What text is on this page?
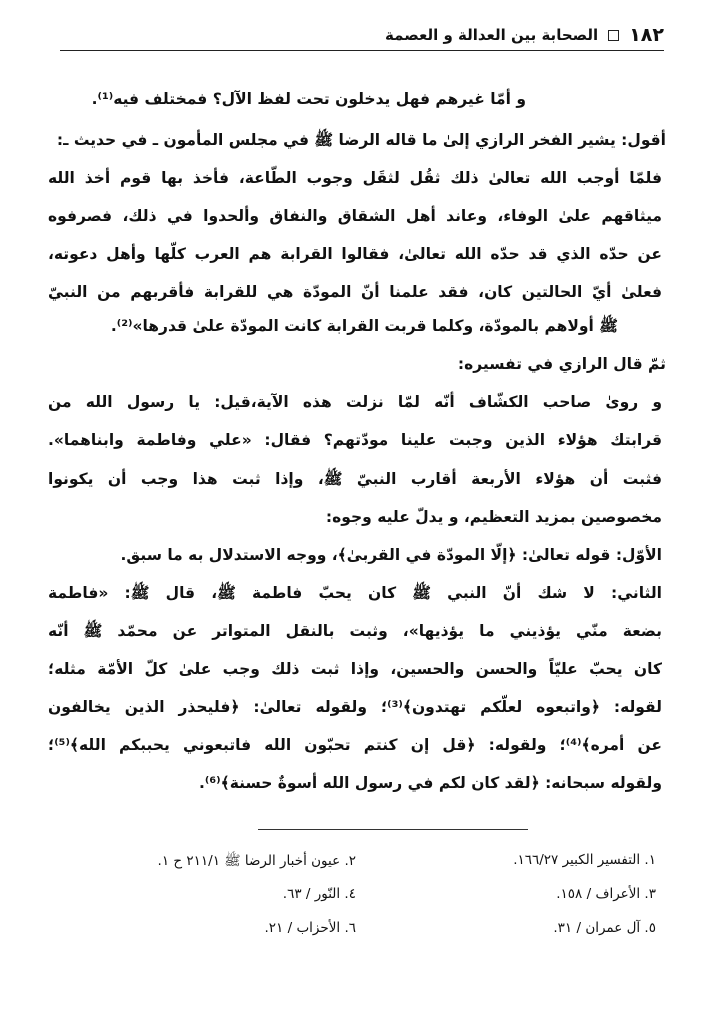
١٨٢
الصحابة بين العدالة و العصمة
و أمّا غيرهم فهل يدخلون تحت لفظ الآل؟ فمختلف فيه⁽¹⁾.
أقول: يشير الفخر الرازي إلىٰ ما قاله الرضا ﷺ في مجلس المأمون ـ في حديث ـ:
فلمّا أوجب الله تعالىٰ ذلك ثقُل لثقَل وجوب الطّاعة، فأخذ بها قوم أخذ الله
ميثاقهم علىٰ الوفاء، وعاند أهل الشقاق والنفاق وألحدوا في ذلك، فصرفوه
عن حدّه الذي قد حدّه الله تعالىٰ، فقالوا القرابة هم العرب كلّها وأهل دعوته،
فعلىٰ أيّ الحالتين كان، فقد علمنا أنّ المودّة هي للقرابة فأقربهم من النبيّ
ﷺ أولاهم بالمودّة، وكلما قربت القرابة كانت المودّة علىٰ قدرها»⁽²⁾.
ثمّ قال الرازي في تفسيره:
و روىٰ صاحب الكشّاف أنّه لمّا نزلت هذه الآية،قيل: يا رسول الله من
قرابتك هؤلاء الذين وجبت علينا مودّتهم؟ فقال: «علي وفاطمة وابناهما».
فثبت أن هؤلاء الأربعة أقارب النبيّ ﷺ، وإذا ثبت هذا وجب أن يكونوا
مخصوصين بمزيد التعظيم، و يدلّ عليه وجوه:
الأوّل: قوله تعالىٰ: ﴿إلّا المودّة في القربىٰ﴾، ووجه الاستدلال به ما سبق.
الثاني: لا شك أنّ النبي ﷺ كان يحبّ فاطمة ﷺ، قال ﷺ: «فاطمة
بضعة منّي يؤذيني ما يؤذيها»، وثبت بالنقل المتواتر عن محمّد ﷺ أنّه
كان يحبّ عليّاً والحسن والحسين، وإذا ثبت ذلك وجب علىٰ كلّ الأمّة مثله؛
لقوله: ﴿واتبعوه لعلّكم تهتدون﴾⁽³⁾؛ ولقوله تعالىٰ: ﴿فليحذر الذين يخالفون
عن أمره﴾⁽⁴⁾؛ ولقوله: ﴿قل إن كنتم تحبّون الله فاتبعوني يحببكم الله﴾⁽⁵⁾؛
ولقوله سبحانه: ﴿لقد كان لكم في رسول الله أسوةٌ حسنة﴾⁽⁶⁾.
١. التفسير الكبير ١٦٦/٢٧.
٢. عيون أخبار الرضا ﷺ ٢١١/١ ح ١.
٣. الأعراف / ١٥٨.
٤. النّور / ٦٣.
٥. آل عمران / ٣١.
٦. الأحزاب / ٢١.
